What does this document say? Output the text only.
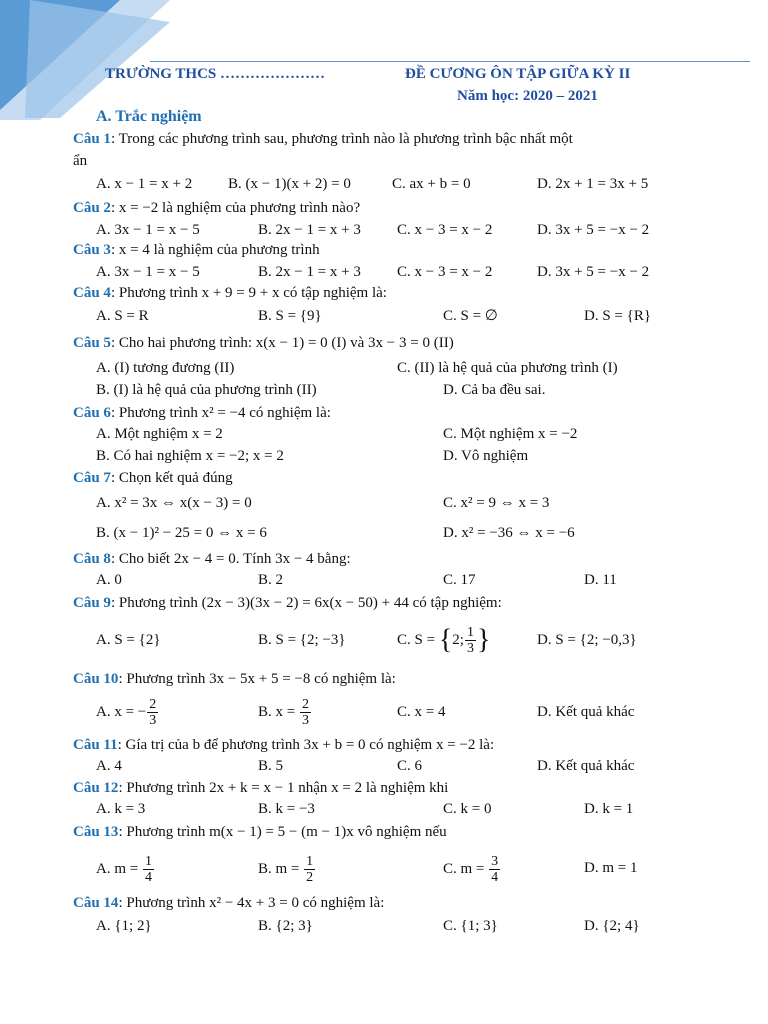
TRƯỜNG THCS …………………	ĐỀ CƯƠNG ÔN TẬP GIỮA KỲ II
Năm học: 2020 – 2021
A. Trắc nghiệm
Câu 1: Trong các phương trình sau, phương trình nào là phương trình bậc nhất một
ẩn
A. x − 1 = x + 2 B. (x − 1)(x + 2) = 0	C. ax + b = 0	D. 2x + 1 = 3x + 5
Câu 2: x = −2 là nghiệm của phương trình nào?
A. 3x − 1 = x − 5	B. 2x − 1 = x + 3 C. x − 3 = x − 2	D. 3x + 5 = −x − 2
Câu 3: x = 4 là nghiệm của phương trình
A. 3x − 1 = x − 5	B. 2x − 1 = x + 3 C. x − 3 = x − 2	D. 3x + 5 = −x − 2
Câu 4: Phương trình x + 9 = 9 + x có tập nghiệm là:
A. S = R	B. S = {9}	C. S = ∅	D. S = {R}
Câu 5: Cho hai phương trình: x(x − 1) = 0 (I) và 3x − 3 = 0 (II)
A. (I) tương đương (II)	C. (II) là hệ quả của phương trình (I)
B. (I) là hệ quả của phương trình (II)	D. Cả ba đều sai.
Câu 6: Phương trình x² = −4 có nghiệm là:
A. Một nghiệm x = 2	C. Một nghiệm x = −2
B. Có hai nghiệm x = −2; x = 2	D. Vô nghiệm
Câu 7: Chọn kết quả đúng
A. x² = 3x ⇔ x(x − 3) = 0	C. x² = 9 ⇔ x = 3
B. (x − 1)² − 25 = 0 ⇔ x = 6	D. x² = −36 ⇔ x = −6
Câu 8: Cho biết 2x − 4 = 0. Tính 3x − 4 bằng:
A. 0	B. 2	C. 17	D. 11
Câu 9: Phương trình (2x − 3)(3x − 2) = 6x(x − 50) + 44 có tập nghiệm:
A. S = {2}	B. S = {2; −3}	C. S = {2; $\frac{1}{3}$ }	D. S = {2; −0,3}
Câu 10: Phương trình 3x − 5x + 5 = −8 có nghiệm là:
A. x = − $\frac{2}{3}$	B. $x = \frac{2}{3}$	C. x = 4	D. Kết quả khác
Câu 11: Gía trị của b để phương trình 3x + b = 0 có nghiệm x = −2 là:
A. 4	B. 5	C. 6	D. Kết quả khác
Câu 12: Phương trình 2x + k = x − 1 nhận x = 2 là nghiệm khi
A. k = 3	B. k = −3	C. k = 0	D. k = 1
Câu 13: Phương trình m(x − 1) = 5 − (m − 1)x vô nghiệm nếu
A. $m = \frac{1}{4}$	B. $m = \frac{1}{2}$	C. $m = \frac{3}{4}$	D. m = 1
Câu 14: Phương trình x² − 4x + 3 = 0 có nghiệm là:
A. {1; 2}	B. {2; 3}	C. {1; 3}	D. {2; 4}
